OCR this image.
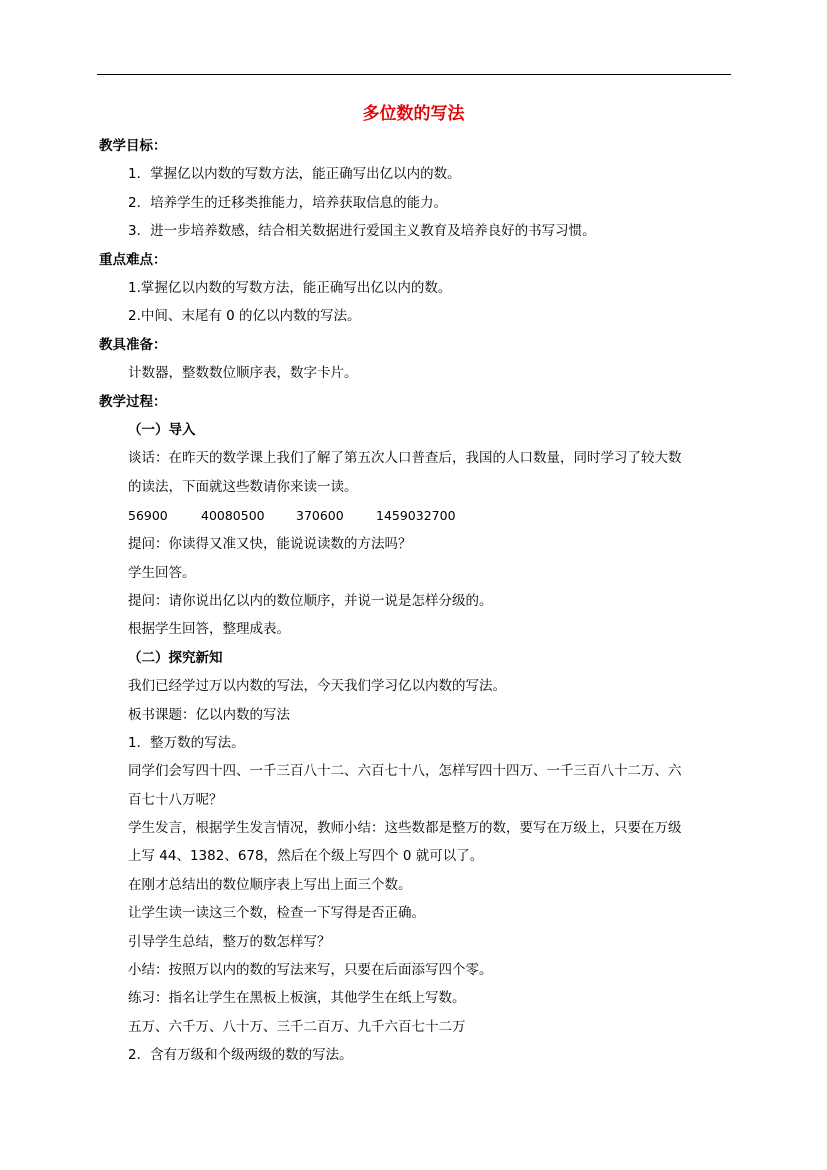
多位数的写法
教学目标：
1．掌握亿以内数的写数方法，能正确写出亿以内的数。
2．培养学生的迁移类推能力，培养获取信息的能力。
3．进一步培养数感，结合相关数据进行爱国主义教育及培养良好的书写习惯。
重点难点：
1.掌握亿以内数的写数方法，能正确写出亿以内的数。
2.中间、末尾有 0 的亿以内数的写法。
教具准备：
计数器，整数数位顺序表，数字卡片。
教学过程：
（一）导入
谈话：在昨天的数学课上我们了解了第五次人口普查后，我国的人口数量，同时学习了较大数
的读法，下面就这些数请你来读一读。
56900	40080500	370600	1459032700
提问：你读得又准又快，能说说读数的方法吗？
学生回答。
提问：请你说出亿以内的数位顺序，并说一说是怎样分级的。
根据学生回答，整理成表。
（二）探究新知
我们已经学过万以内数的写法，今天我们学习亿以内数的写法。
板书课题：亿以内数的写法
1．整万数的写法。
同学们会写四十四、一千三百八十二、六百七十八，怎样写四十四万、一千三百八十二万、六
百七十八万呢？
学生发言，根据学生发言情况，教师小结：这些数都是整万的数，要写在万级上，只要在万级
上写 44、1382、678，然后在个级上写四个 0 就可以了。
在刚才总结出的数位顺序表上写出上面三个数。
让学生读一读这三个数，检查一下写得是否正确。
引导学生总结，整万的数怎样写？
小结：按照万以内的数的写法来写，只要在后面添写四个零。
练习：指名让学生在黑板上板演，其他学生在纸上写数。
五万、六千万、八十万、三千二百万、九千六百七十二万
2．含有万级和个级两级的数的写法。
